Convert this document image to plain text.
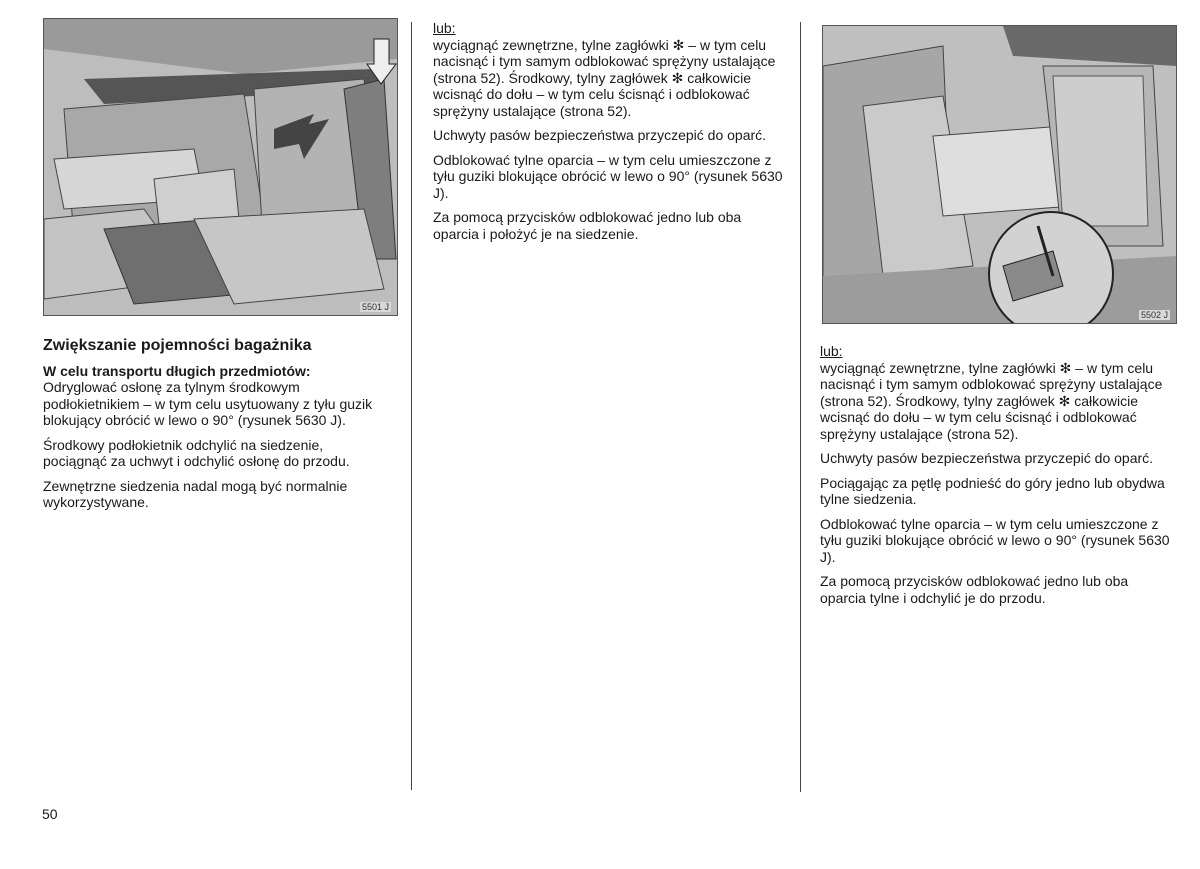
5501 J
5502 J
Zwiększanie pojemności bagażnika

W celu transportu długich przedmiotów:
Odryglować osłonę za tylnym środkowym podłokietnikiem – w tym celu usytuowany z tyłu guzik blokujący obrócić w lewo o 90° (rysunek 5630 J).

Środkowy podłokietnik odchylić na siedzenie, pociągnąć za uchwyt i odchylić osłonę do przodu.

Zewnętrzne siedzenia nadal mogą być normalnie wykorzystywane.

lub:

wyciągnąć zewnętrzne, tylne zagłówki ✻ – w tym celu nacisnąć i tym samym odblokować sprężyny ustalające (strona 52). Środkowy, tylny zagłówek ✻ całkowicie wcisnąć do dołu – w tym celu ścisnąć i odblokować sprężyny ustalające (strona 52).

Uchwyty pasów bezpieczeństwa przyczepić do oparć.

Odblokować tylne oparcia – w tym celu umieszczone z tyłu guziki blokujące obrócić w lewo o 90° (rysunek 5630 J).

Za pomocą przycisków odblokować jedno lub oba oparcia i położyć je na siedzenie.

lub:

wyciągnąć zewnętrzne, tylne zagłówki ✻ – w tym celu nacisnąć i tym samym odblokować sprężyny ustalające (strona 52). Środkowy, tylny zagłówek ✻ całkowicie wcisnąć do dołu – w tym celu ścisnąć i odblokować sprężyny ustalające (strona 52).

Uchwyty pasów bezpieczeństwa przyczepić do oparć.

Pociągając za pętlę podnieść do góry jedno lub obydwa tylne siedzenia.

Odblokować tylne oparcia – w tym celu umieszczone z tyłu guziki blokujące obrócić w lewo o 90° (rysunek 5630 J).

Za pomocą przycisków odblokować jedno lub oba oparcia tylne i odchylić je do przodu.

50
